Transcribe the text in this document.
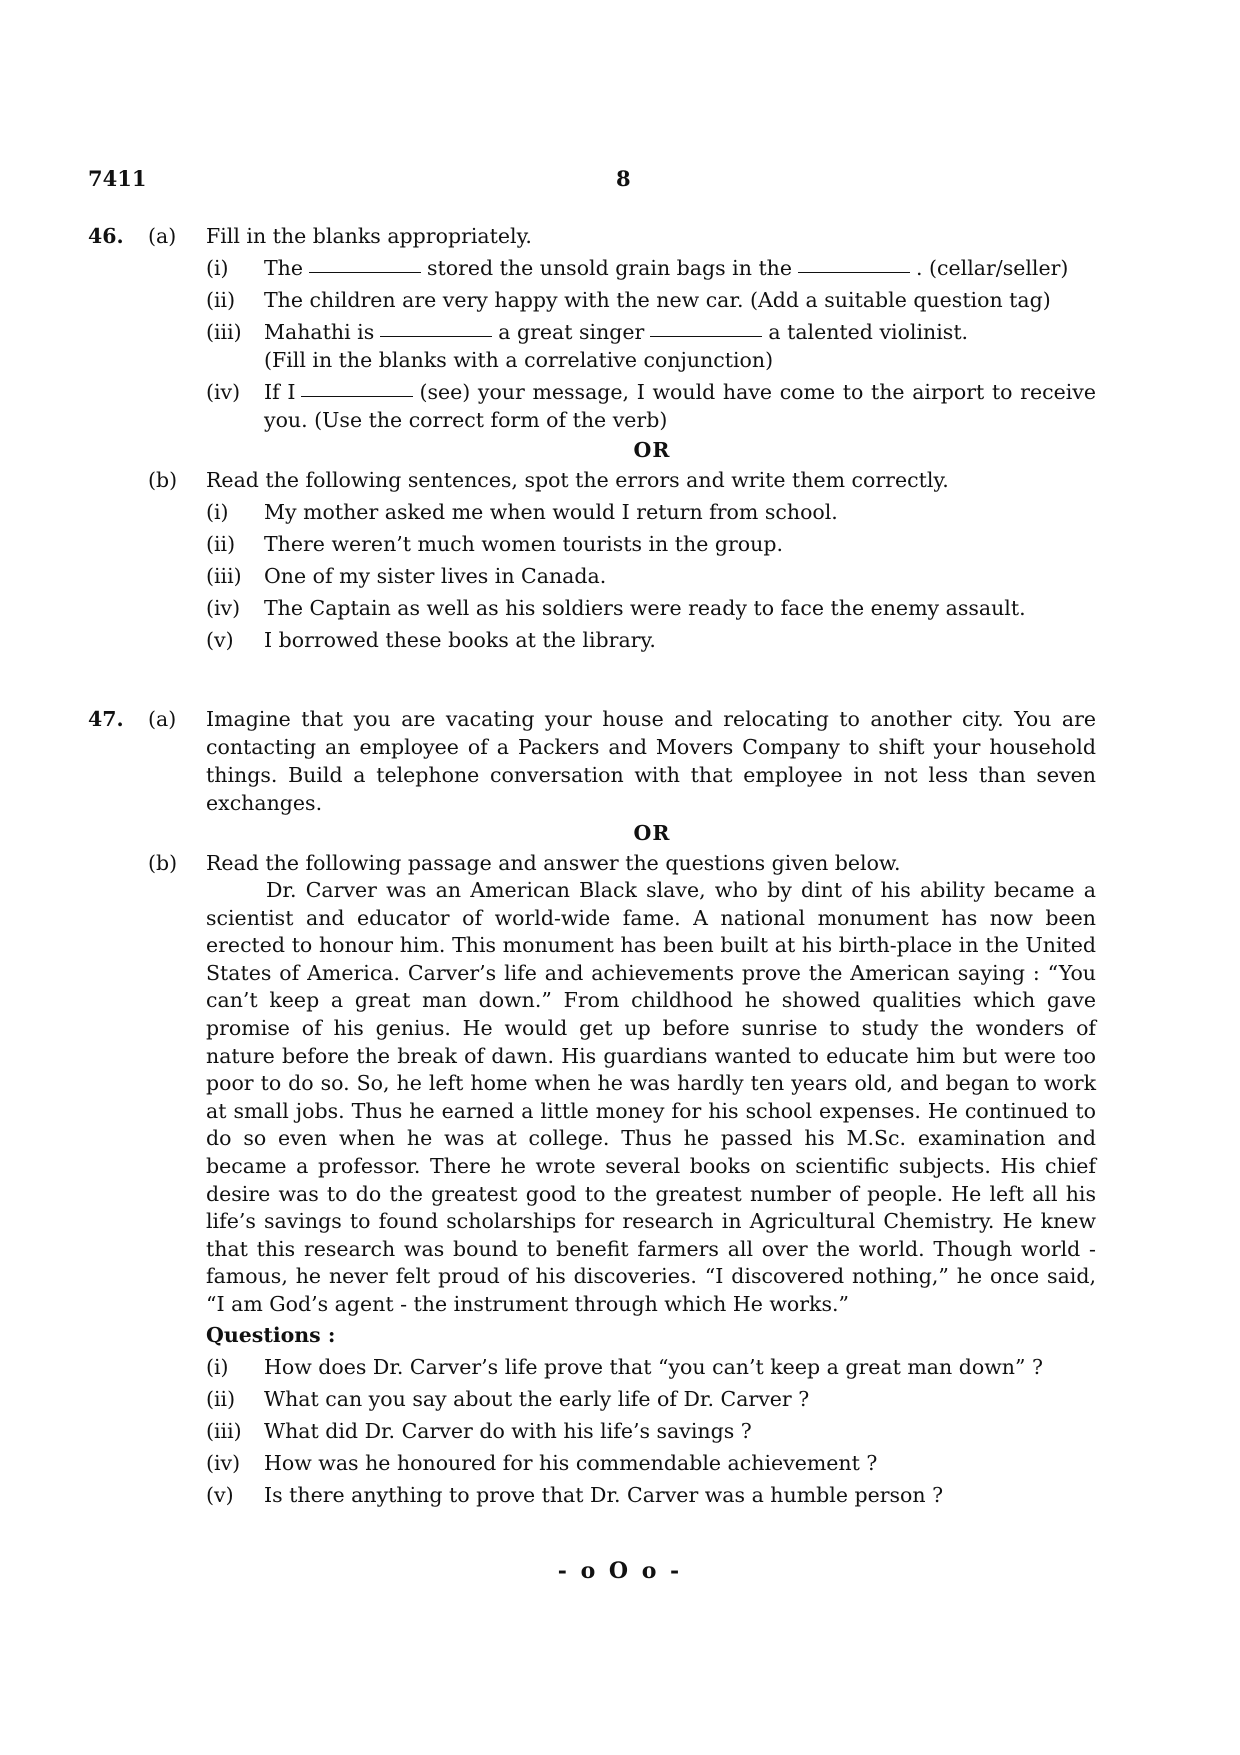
7411	8
46.	(a)	Fill in the blanks appropriately.
(i)	The	stored the unsold grain bags in the	. (cellar/seller)
(ii)	The children are very happy with the new car. (Add a suitable question tag)
(iii)	Mahathi is	a great singer	a talented violinist.
(Fill in the blanks with a correlative conjunction)
(iv)	If I	(see) your message, I would have come to the airport to receive you. (Use the correct form of the verb)
OR
(b)	Read the following sentences, spot the errors and write them correctly.
(i)	My mother asked me when would I return from school.
(ii)	There weren’t much women tourists in the group.
(iii)	One of my sister lives in Canada.
(iv)	The Captain as well as his soldiers were ready to face the enemy assault.
(v)	I borrowed these books at the library.
47.	(a)	Imagine that you are vacating your house and relocating to another city. You are contacting an employee of a Packers and Movers Company to shift your household things. Build a telephone conversation with that employee in not less than seven exchanges.
OR
(b)	Read the following passage and answer the questions given below.
Dr. Carver was an American Black slave, who by dint of his ability became a scientist and educator of world-wide fame. A national monument has now been erected to honour him. This monument has been built at his birth-place in the United States of America. Carver’s life and achievements prove the American saying : “You can’t keep a great man down.” From childhood he showed qualities which gave promise of his genius. He would get up before sunrise to study the wonders of nature before the break of dawn. His guardians wanted to educate him but were too poor to do so. So, he left home when he was hardly ten years old, and began to work at small jobs. Thus he earned a little money for his school expenses. He continued to do so even when he was at college. Thus he passed his M.Sc. examination and became a professor. There he wrote several books on scientific subjects. His chief desire was to do the greatest good to the greatest number of people. He left all his life’s savings to found scholarships for research in Agricultural Chemistry. He knew that this research was bound to benefit farmers all over the world. Though world - famous, he never felt proud of his discoveries. “I discovered nothing,” he once said, “I am God’s agent - the instrument through which He works.”
Questions :
(i)	How does Dr. Carver’s life prove that “you can’t keep a great man down” ?
(ii)	What can you say about the early life of Dr. Carver ?
(iii)	What did Dr. Carver do with his life’s savings ?
(iv)	How was he honoured for his commendable achievement ?
(v)	Is there anything to prove that Dr. Carver was a humble person ?
- o O o -
